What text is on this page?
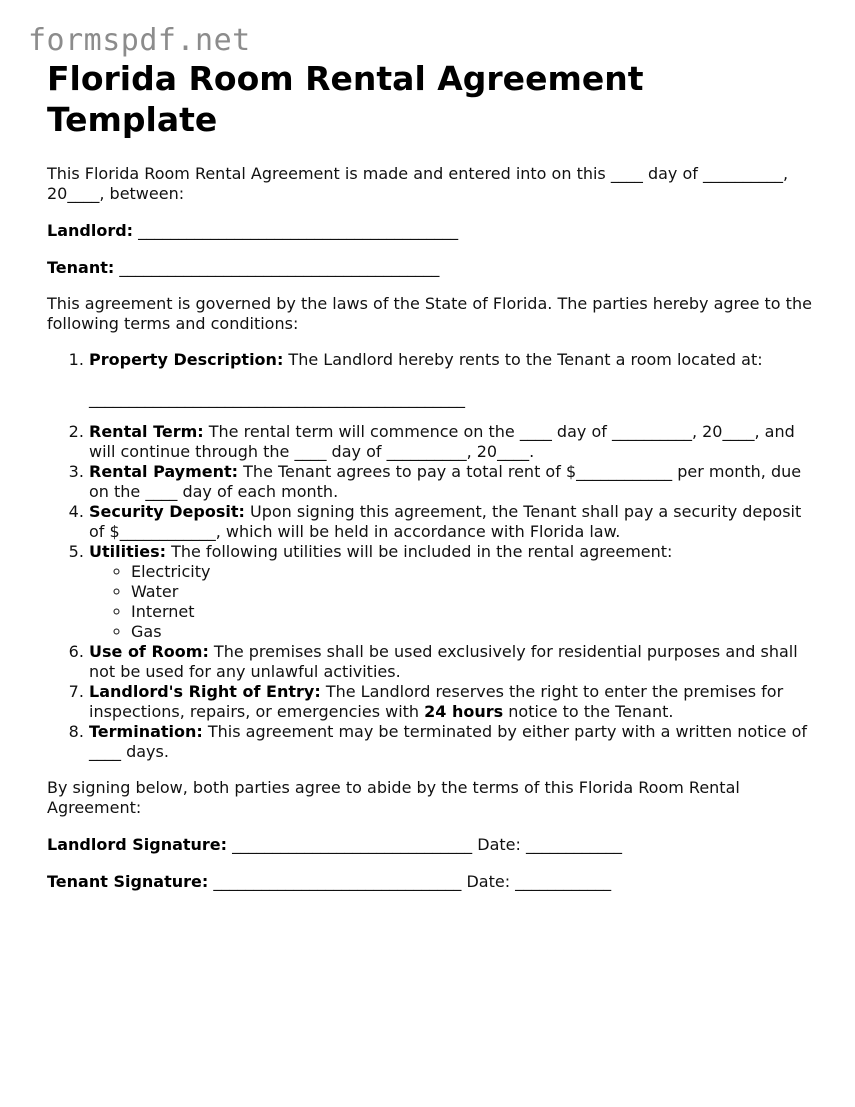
formspdf.net
Florida Room Rental Agreement Template

This Florida Room Rental Agreement is made and entered into on this ____ day of __________, 20____, between:

Landlord: ________________________________________

Tenant: ________________________________________

This agreement is governed by the laws of the State of Florida. The parties hereby agree to the following terms and conditions:

1. Property Description: The Landlord hereby rents to the Tenant a room located at:
_______________________________________________
2. Rental Term: The rental term will commence on the ____ day of __________, 20____, and will continue through the ____ day of __________, 20____.
3. Rental Payment: The Tenant agrees to pay a total rent of $____________ per month, due on the ____ day of each month.
4. Security Deposit: Upon signing this agreement, the Tenant shall pay a security deposit of $____________, which will be held in accordance with Florida law.
5. Utilities: The following utilities will be included in the rental agreement:
◦ Electricity
◦ Water
◦ Internet
◦ Gas
6. Use of Room: The premises shall be used exclusively for residential purposes and shall not be used for any unlawful activities.
7. Landlord's Right of Entry: The Landlord reserves the right to enter the premises for inspections, repairs, or emergencies with 24 hours notice to the Tenant.
8. Termination: This agreement may be terminated by either party with a written notice of ____ days.

By signing below, both parties agree to abide by the terms of this Florida Room Rental Agreement:

Landlord Signature: ______________________________ Date: ____________

Tenant Signature: _______________________________ Date: ____________
